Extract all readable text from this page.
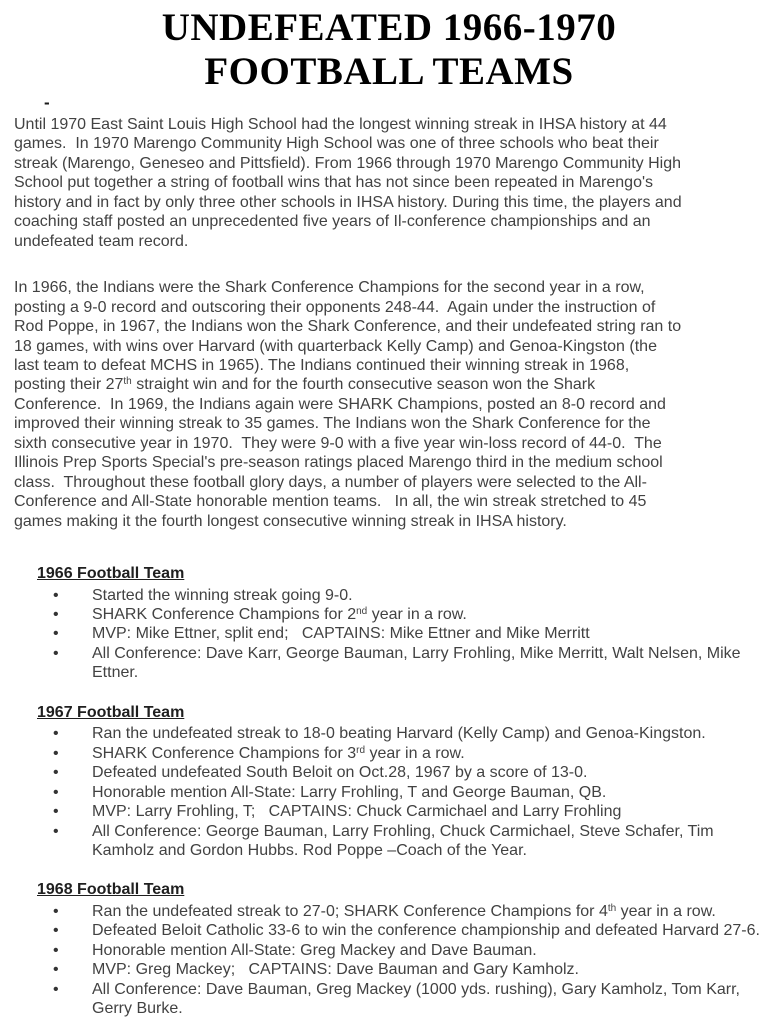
UNDEFEATED 1966-1970
FOOTBALL TEAMS
-

Until 1970 East Saint Louis High School had the longest winning streak in IHSA history at 44 games.  In 1970 Marengo Community High School was one of three schools who beat their streak (Marengo, Geneseo and Pittsfield). From 1966 through 1970 Marengo Community High School put together a string of football wins that has not since been repeated in Marengo's history and in fact by only three other schools in IHSA history. During this time, the players and coaching staff posted an unprecedented five years of Il-conference championships and an undefeated team record.

In 1966, the Indians were the Shark Conference Champions for the second year in a row, posting a 9-0 record and outscoring their opponents 248-44.  Again under the instruction of Rod Poppe, in 1967, the Indians won the Shark Conference, and their undefeated string ran to 18 games, with wins over Harvard (with quarterback Kelly Camp) and Genoa-Kingston (the last team to defeat MCHS in 1965). The Indians continued their winning streak in 1968, posting their 27th straight win and for the fourth consecutive season won the Shark Conference.  In 1969, the Indians again were SHARK Champions, posted an 8-0 record and improved their winning streak to 35 games. The Indians won the Shark Conference for the sixth consecutive year in 1970.  They were 9-0 with a five year win-loss record of 44-0.  The Illinois Prep Sports Special's pre-season ratings placed Marengo third in the medium school class.  Throughout these football glory days, a number of players were selected to the All-Conference and All-State honorable mention teams.   In all, the win streak stretched to 45 games making it the fourth longest consecutive winning streak in IHSA history.

1966 Football Team
•	Started the winning streak going 9-0.
•	SHARK Conference Champions for 2nd year in a row.
•	MVP: Mike Ettner, split end;   CAPTAINS: Mike Ettner and Mike Merritt
•	All Conference: Dave Karr, George Bauman, Larry Frohling, Mike Merritt, Walt Nelsen, Mike Ettner.
1967 Football Team
•	Ran the undefeated streak to 18-0 beating Harvard (Kelly Camp) and Genoa-Kingston.
•	SHARK Conference Champions for 3rd year in a row.
•	Defeated undefeated South Beloit on Oct.28, 1967 by a score of 13-0.
•	Honorable mention All-State: Larry Frohling, T and George Bauman, QB.
•	MVP: Larry Frohling, T;   CAPTAINS: Chuck Carmichael and Larry Frohling
•	All Conference: George Bauman, Larry Frohling, Chuck Carmichael, Steve Schafer, Tim Kamholz and Gordon Hubbs. Rod Poppe –Coach of the Year.
1968 Football Team
•	Ran the undefeated streak to 27-0; SHARK Conference Champions for 4th year in a row.
•	Defeated Beloit Catholic 33-6 to win the conference championship and defeated Harvard 27-6.
•	Honorable mention All-State: Greg Mackey and Dave Bauman.
•	MVP: Greg Mackey;   CAPTAINS: Dave Bauman and Gary Kamholz.
•	All Conference: Dave Bauman, Greg Mackey (1000 yds. rushing), Gary Kamholz, Tom Karr, Gerry Burke.
